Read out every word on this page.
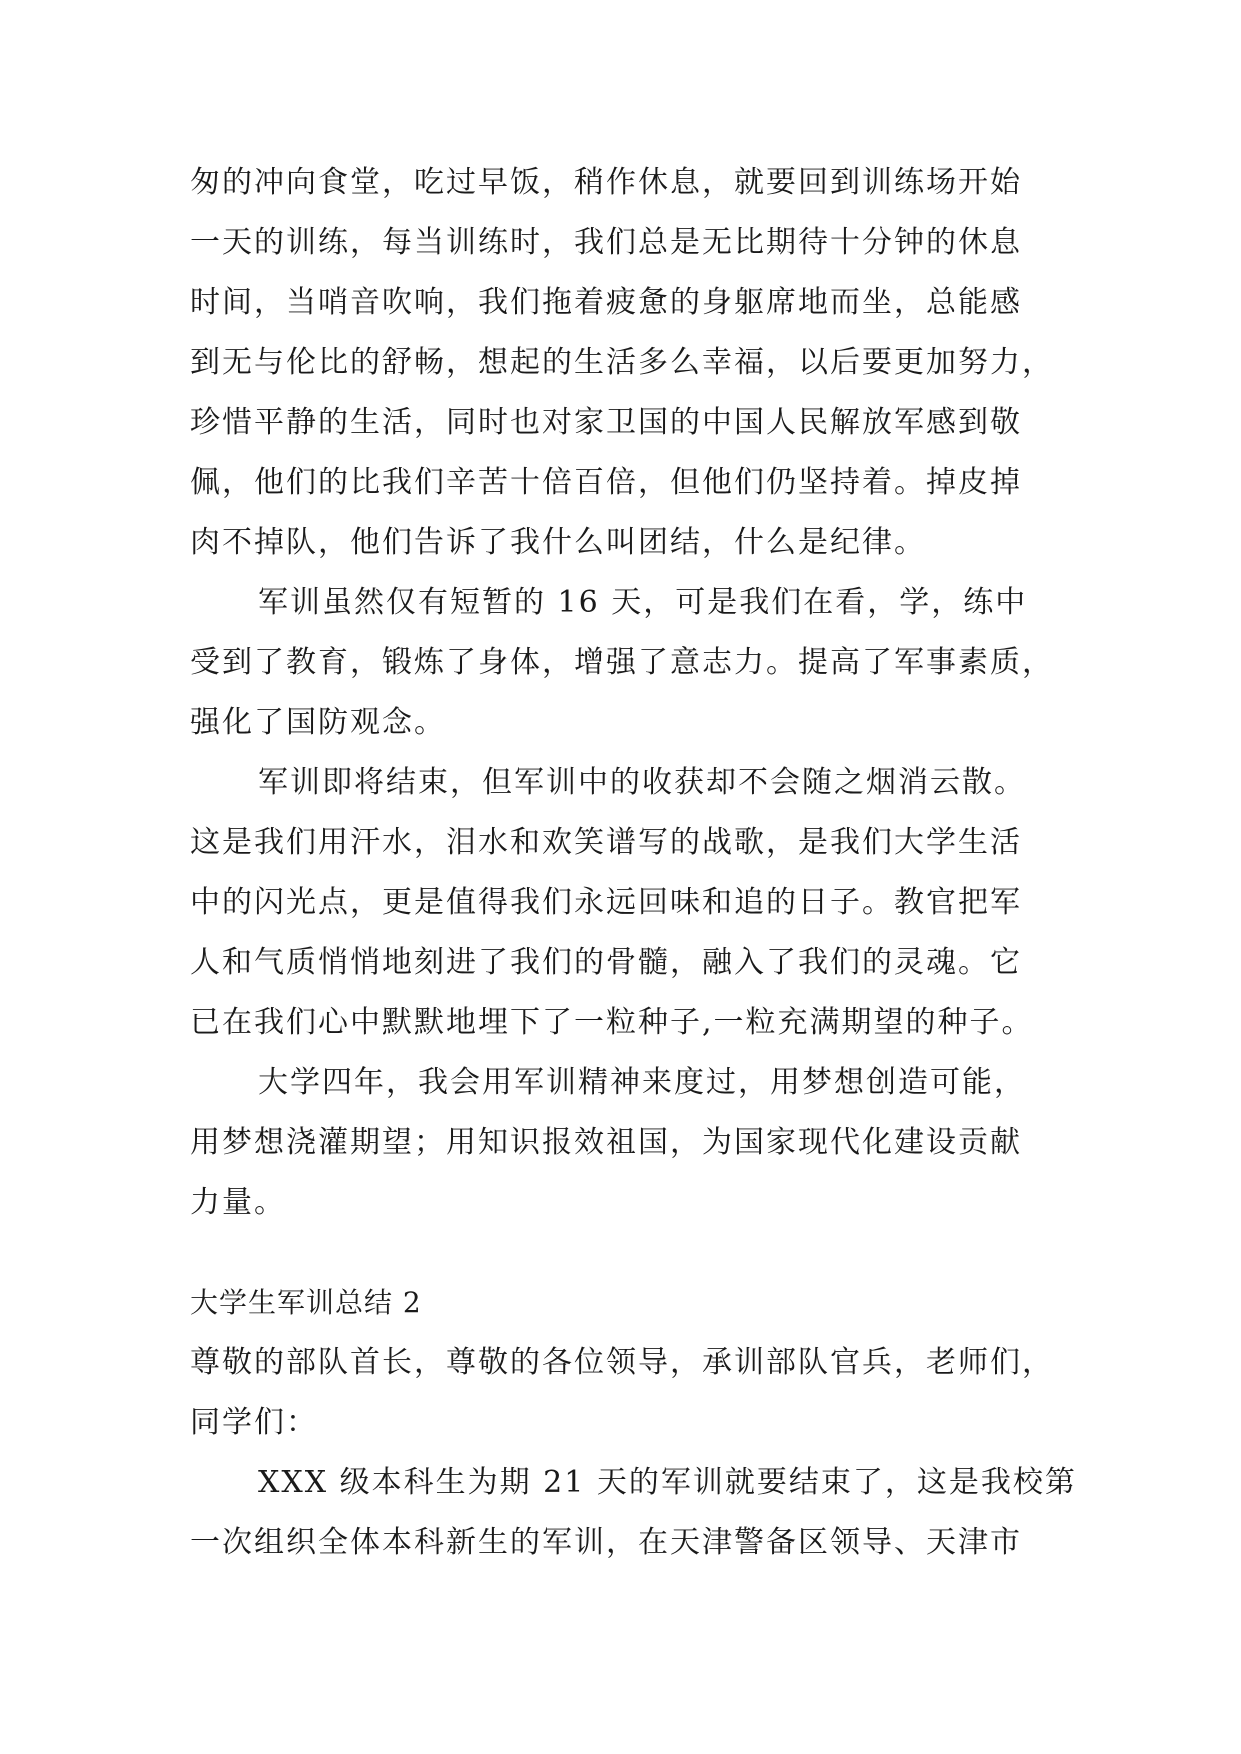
匆的冲向食堂，吃过早饭，稍作休息，就要回到训练场开始
一天的训练，每当训练时，我们总是无比期待十分钟的休息
时间，当哨音吹响，我们拖着疲惫的身躯席地而坐，总能感
到无与伦比的舒畅，想起的生活多么幸福，以后要更加努力，
珍惜平静的生活，同时也对家卫国的中国人民解放军感到敬
佩，他们的比我们辛苦十倍百倍，但他们仍坚持着。掉皮掉
肉不掉队，他们告诉了我什么叫团结，什么是纪律。
军训虽然仅有短暂的 16 天，可是我们在看，学，练中
受到了教育，锻炼了身体，增强了意志力。提高了军事素质，
强化了国防观念。
军训即将结束，但军训中的收获却不会随之烟消云散。
这是我们用汗水，泪水和欢笑谱写的战歌，是我们大学生活
中的闪光点，更是值得我们永远回味和追的日子。教官把军
人和气质悄悄地刻进了我们的骨髓，融入了我们的灵魂。它
已在我们心中默默地埋下了一粒种子,一粒充满期望的种子。
大学四年，我会用军训精神来度过，用梦想创造可能，
用梦想浇灌期望；用知识报效祖国，为国家现代化建设贡献
力量。
大学生军训总结 2
尊敬的部队首长，尊敬的各位领导，承训部队官兵，老师们，
同学们：
XXX 级本科生为期 21 天的军训就要结束了，这是我校第
一次组织全体本科新生的军训，在天津警备区领导、天津市
